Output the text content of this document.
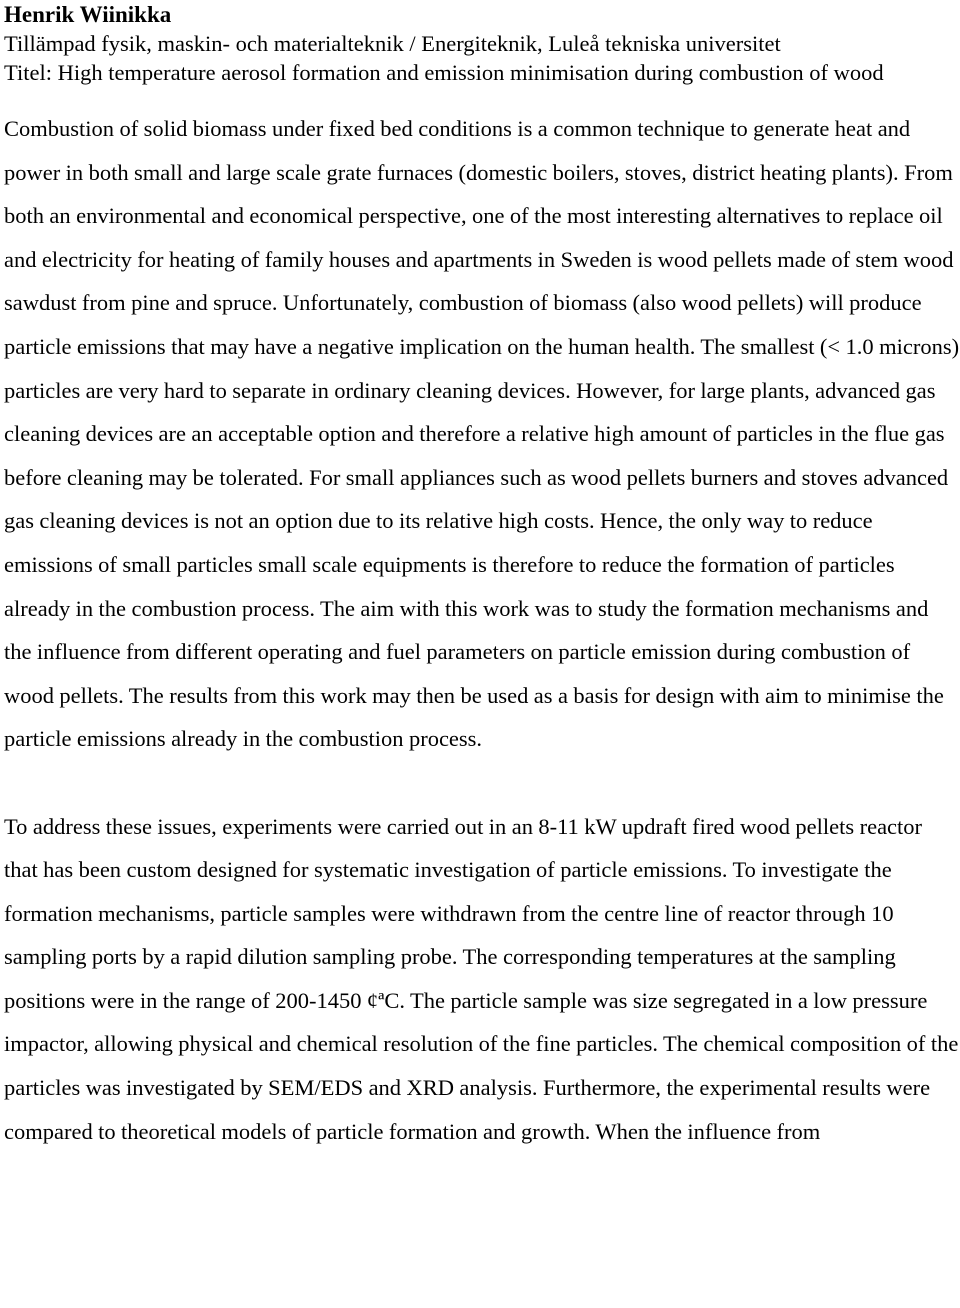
Henrik Wiinikka
Tillämpad fysik, maskin- och materialteknik / Energiteknik, Luleå tekniska universitet
Titel: High temperature aerosol formation and emission minimisation during combustion of wood

Combustion of solid biomass under fixed bed conditions is a common technique to generate heat and power in both small and large scale grate furnaces (domestic boilers, stoves, district heating plants). From both an environmental and economical perspective, one of the most interesting alternatives to replace oil and electricity for heating of family houses and apartments in Sweden is wood pellets made of stem wood sawdust from pine and spruce. Unfortunately, combustion of biomass (also wood pellets) will produce particle emissions that may have a negative implication on the human health. The smallest (< 1.0 microns) particles are very hard to separate in ordinary cleaning devices. However, for large plants, advanced gas cleaning devices are an acceptable option and therefore a relative high amount of particles in the flue gas before cleaning may be tolerated. For small appliances such as wood pellets burners and stoves advanced gas cleaning devices is not an option due to its relative high costs. Hence, the only way to reduce emissions of small particles small scale equipments is therefore to reduce the formation of particles already in the combustion process. The aim with this work was to study the formation mechanisms and the influence from different operating and fuel parameters on particle emission during combustion of wood pellets. The results from this work may then be used as a basis for design with aim to minimise the particle emissions already in the combustion process.

To address these issues, experiments were carried out in an 8-11 kW updraft fired wood pellets reactor that has been custom designed for systematic investigation of particle emissions. To investigate the formation mechanisms, particle samples were withdrawn from the centre line of reactor through 10 sampling ports by a rapid dilution sampling probe. The corresponding temperatures at the sampling positions were in the range of 200-1450 ¢ªC. The particle sample was size segregated in a low pressure impactor, allowing physical and chemical resolution of the fine particles. The chemical composition of the particles was investigated by SEM/EDS and XRD analysis. Furthermore, the experimental results were compared to theoretical models of particle formation and growth. When the influence from
